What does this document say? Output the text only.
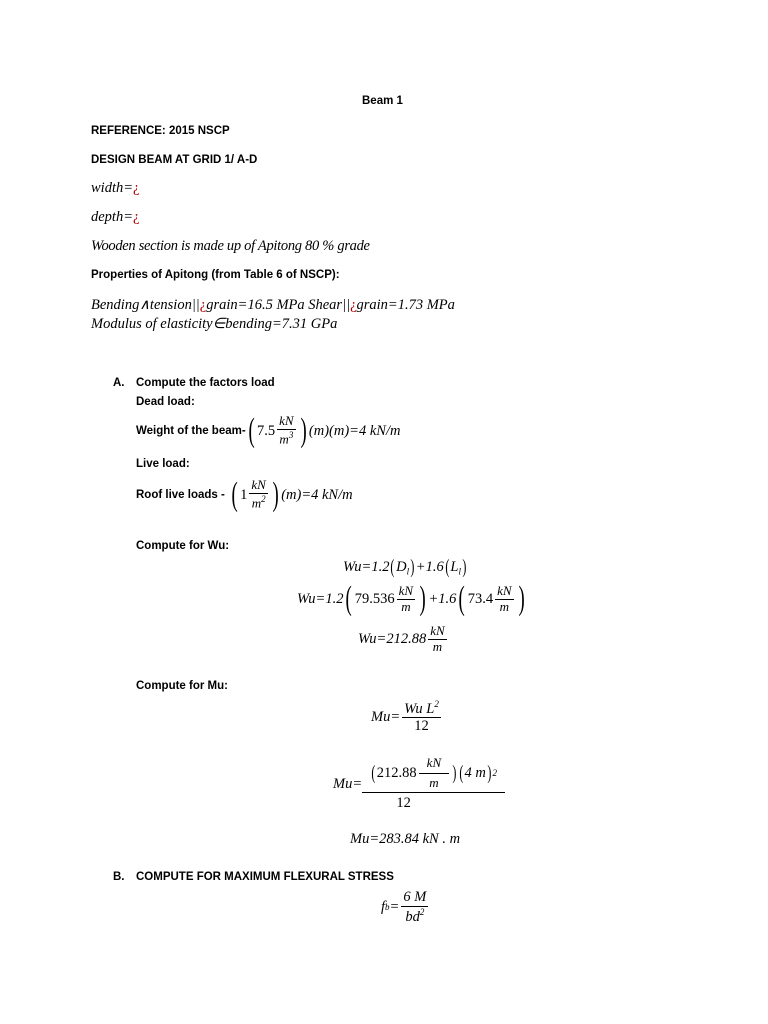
Beam 1
REFERENCE: 2015 NSCP
DESIGN BEAM AT GRID 1/ A-D
width=¿
depth=¿
Wooden section is made up of Apitong 80 % grade
Properties of Apitong (from Table 6 of NSCP):
Bending∧tension||¿grain=16.5 MPa Shear||¿grain=1.73 MPa
Modulus of elasticity∈bending=7.31 GPa
A. Compute the factors load
Dead load:
Weight of the beam- ( $7.5 \frac{kN}{m^3}$ ) (m)(m)=4 kN/m
Live load:
Roof live loads - ( $1 \frac{kN}{m^2}$ ) (m)=4 kN/m
Compute for Wu:
$Wu=1.2(D_l)+1.6(L_l)$
Wu=1.2 ( $79.536 \frac{kN}{m}$ ) +1.6 ( $73.4 \frac{kN}{m}$ )
$Wu=212.88 \frac{kN}{m}$
Compute for Mu:
$Mu= \frac{Wu L^2}{12}$
Mu= ( $212.88 \frac{kN}{m}$ ) ( 4 m ) 2
12
Mu=283.84 kN . m
B. COMPUTE FOR MAXIMUM FLEXURAL STRESS
f $b = \frac{6 M}{bd^2}$
